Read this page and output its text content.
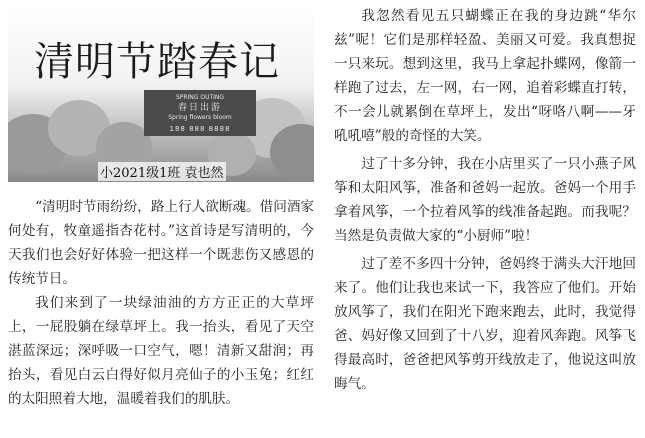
清明节踏春记
SPRING OUTING
春日出游
Spring flowers bloom
188 888 8888
小2021级1班 袁也然

“清明时节雨纷纷，路上行人欲断魂。借问酒家何处有，牧童遥指杏花村。”这首诗是写清明的，今天我们也会好好体验一把这样一个既悲伤又感恩的传统节日。

我们来到了一块绿油油的方方正正的大草坪上，一屁股躺在绿草坪上。我一抬头，看见了天空湛蓝深远；深呼吸一口空气，嗯！清新又甜润；再抬头，看见白云白得好似月亮仙子的小玉兔；红红的太阳照着大地，温暖着我们的肌肤。

我忽然看见五只蝴蝶正在我的身边跳“华尔兹”呢！它们是那样轻盈、美丽又可爱。我真想捉一只来玩。想到这里，我马上拿起扑蝶网，像箭一样跑了过去，左一网，右一网，追着彩蝶直打转，不一会儿就累倒在草坪上，发出“呀咯八啊——牙吼吼嘻”般的奇怪的大笑。

过了十多分钟，我在小店里买了一只小燕子风筝和太阳风筝，准备和爸妈一起放。爸妈一个用手拿着风筝，一个拉着风筝的线准备起跑。而我呢？当然是负责做大家的“小厨师”啦！

过了差不多四十分钟，爸妈终于满头大汗地回来了。他们让我也来试一下，我答应了他们。开始放风筝了，我们在阳光下跑来跑去，此时，我觉得爸、妈好像又回到了十八岁，迎着风奔跑。风筝飞得最高时，爸爸把风筝剪开线放走了，他说这叫放晦气。
